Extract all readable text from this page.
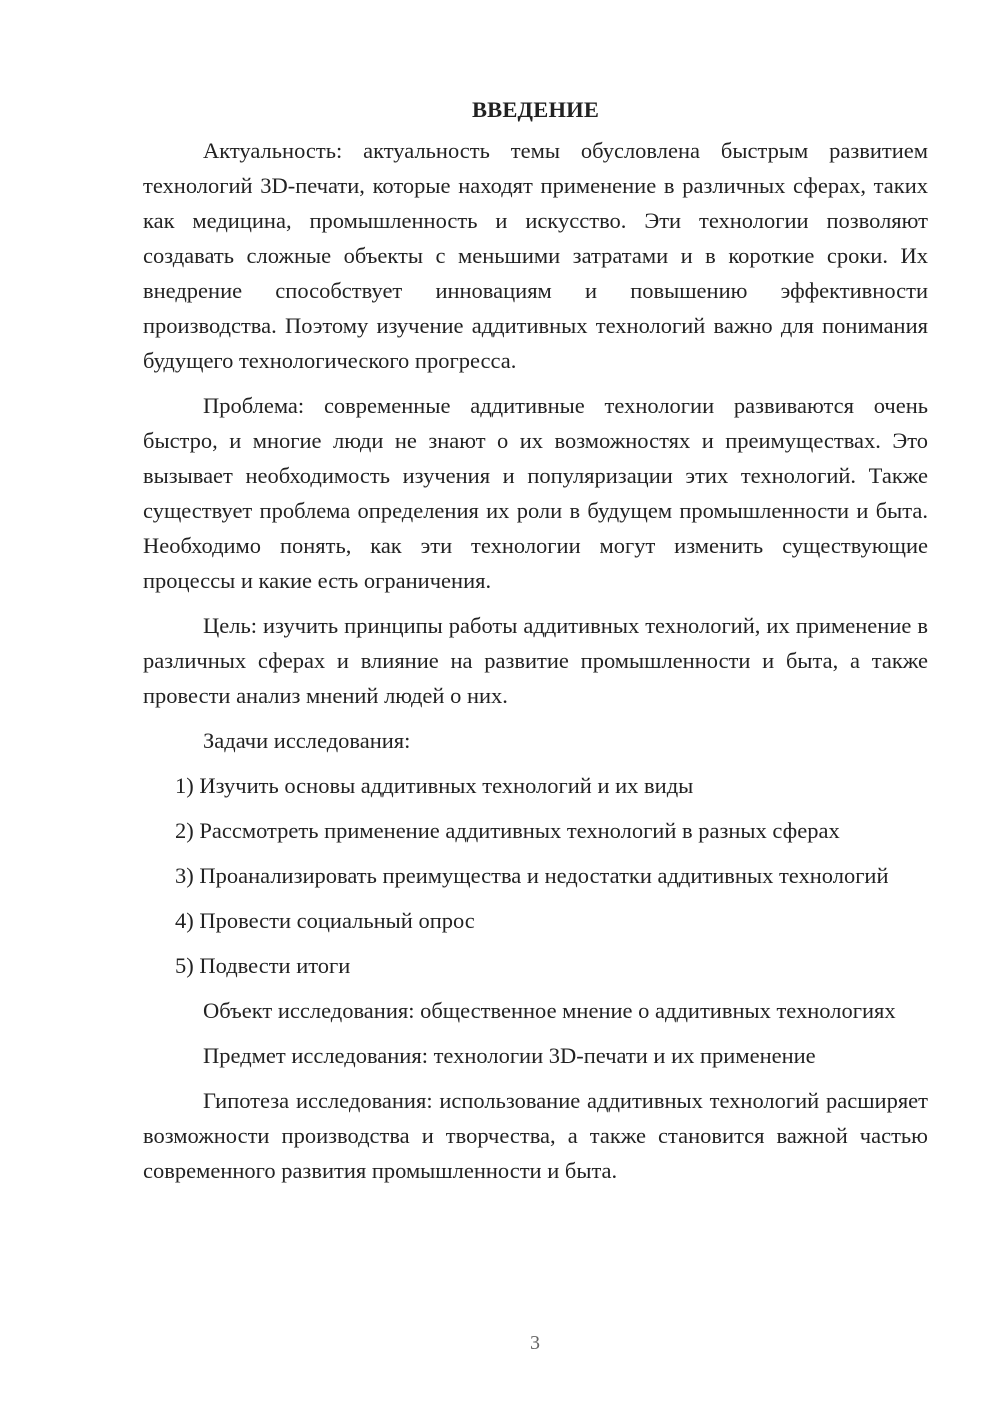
ВВЕДЕНИЕ

Актуальность: актуальность темы обусловлена быстрым развитием технологий 3D-печати, которые находят применение в различных сферах, таких как медицина, промышленность и искусство. Эти технологии позволяют создавать сложные объекты с меньшими затратами и в короткие сроки. Их внедрение способствует инновациям и повышению эффективности производства. Поэтому изучение аддитивных технологий важно для понимания будущего технологического прогресса.

Проблема: современные аддитивные технологии развиваются очень быстро, и многие люди не знают о их возможностях и преимуществах. Это вызывает необходимость изучения и популяризации этих технологий. Также существует проблема определения их роли в будущем промышленности и быта. Необходимо понять, как эти технологии могут изменить существующие процессы и какие есть ограничения.

Цель: изучить принципы работы аддитивных технологий, их применение в различных сферах и влияние на развитие промышленности и быта, а также провести анализ мнений людей о них.

Задачи исследования:

1) Изучить основы аддитивных технологий и их виды

2) Рассмотреть применение аддитивных технологий в разных сферах

3) Проанализировать преимущества и недостатки аддитивных технологий

4) Провести социальный опрос

5) Подвести итоги

Объект исследования: общественное мнение о аддитивных технологиях

Предмет исследования: технологии 3D-печати и их применение

Гипотеза исследования: использование аддитивных технологий расширяет возможности производства и творчества, а также становится важной частью современного развития промышленности и быта.

3
